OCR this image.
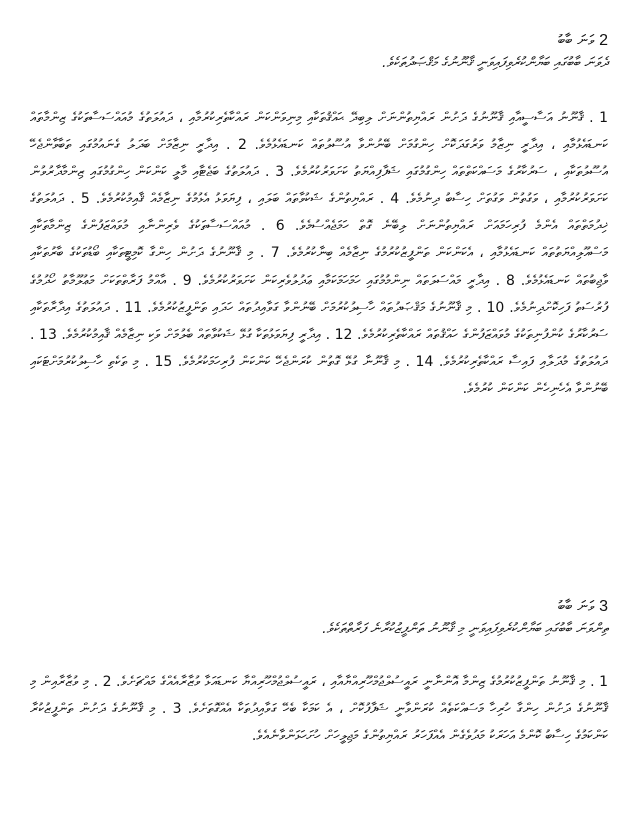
2 ވަނަ ބާބު

ދެވަނަ ބާބުގައި ބަޔާންކުރެވިފައިވަނީ ޤާނޫނުގެ މަޤްޞަދުތަކެވެ.

1 . ޤާނޫނު އަސާސީއާއި ޤާނޫނުގެ ދަށުން ރައްޔިތުންނަށް ލިބިދޭ ޙައްޤުތަކާއި މިނިވަންކަން ރައްކާތެރިކުރުމާއި ، ދައުލަތުގެ މުއައްސަސާތަކުގެ ޒިންމާތައް ކަނޑައެޅުމާއި ، އިދާރީ ނިޒާމު ވަރުގަދަކޮށް ހިންގުމަށް ބޭނުންވާ އުސޫލުތައް ކަނޑައެޅުމެވެ. 2 . އިދާރީ ނިޒާމަށް ބަދަލު ގެނައުމުގައި ތަބާވާންޖެހޭ އުސޫލުތަކާއި ، ސަރުކާރުގެ މަސައްކަތްތައް ހިންގުމުގައި ޝަފާފިއްޔަތު ކަށަވަރުކުރުމެވެ. 3 . ދައުލަތުގެ ބަޖެޓާއި މާލީ ކަންކަން ހިންގުމުގައި ޒިންމާދާރުވުން ކަށަވަރުކުރުމާއި ، ވަގުތުން ވަގުތަށް ހިސާބު ދިނުމެވެ. 4 . ރައްޔިތުންގެ ޝަކުވާތައް ބަލައި ، ފިޔަވަޅު އެޅުމުގެ ނިޒާމެއް ޤާއިމުކުރުމެވެ. 5 . ދައުލަތުގެ ޚިދުމަތްތައް އެންމެ ފުރިހަމައަށް ރައްޔިތުންނަށް ލިބޭނެ ގޮތް ހަމަޖެއްސުމެވެ. 6 . މުއައްސަސާތަކުގެ ވެރިންނާއި މުވައްޒަފުންގެ ޒިންމާތަކާއި މަސްއޫލިއްޔަތުތައް ކަނޑައެޅުމާއި ، އެކަންކަން ތަންފީޒުކުރުމުގެ ނިޒާމެއް ބިނާކުރުމެވެ. 7 . މި ޤާނޫނުގެ ދަށުން ހިންގާ ކޮމިޓީތަކާއި ބޯޑުތަކުގެ ބާރުތަކާއި ވާޖިބުތައް ކަނޑައެޅުމެވެ. 8 . އިދާރީ މައްސަލަތައް ނިންމުމުގައި ހަމަހަމަކަމާއި ޢަދުލުވެރިކަން ކަށަވަރުކުރުމެވެ. 9 . އާއްމު ފަރާތްތަކަށް މަޢުލޫމާތު ހޯދުމުގެ ފުރުސަތު ފަހިކޮށްދިނުމެވެ. 10 . މި ޤާނޫނުގެ މަޤްޞަދުތައް ހާސިލުކުރުމަށް ބޭނުންވާ ގަވާއިދުތައް ހަދައި ތަންފީޒުކުރުމެވެ. 11 . ދައުލަތުގެ އިދާރާތަކާއި ސަރުކާރުގެ ކުންފުނިތަކުގެ މުވައްޒަފުންގެ ހައްޤުތައް ރައްކާތެރިކުރުމެވެ. 12 . އިދާރީ ފިޔަވަޅުތަކާ ގުޅޭ ޝަކުވާތައް ބެލުމަށް ވަކި ނިޒާމެއް ޤާއިމުކުރުމެވެ. 13 . ދައުލަތުގެ މުދަލާއި ފައިސާ ރައްކާތެރިކުރުމެވެ. 14 . މި ޤާނޫނާ ގުޅޭ ގޮތުން ކުރަންޖެހޭ ކަންކަން ފުރިހަމަކުރުމެވެ. 15 . މި ތަކެތި ހާސިލުކުރުމަށްޓަކައި ބޭނުންވާ އެހެނިހެން ކަންކަން ކުރުމެވެ.

3 ވަނަ ބާބު

ތިންވަނަ ބާބުގައި ބަޔާންކުރެވިފައިވަނީ މި ޤާނޫނު ތަންފީޒުކުރާނެ ފަރާތްތަކެވެ.

1 . މި ޤާނޫނު ތަންފީޒުކުރުމުގެ ޒިންމާ އޮންނާނީ ރައީސުލްޖުމްހޫރިއްޔާއާއި ، ރައީސުލްޖުމްހޫރިއްޔާ ކަނޑައަޅާ ވުޒާރާއެއްގެ މައްޗަށެވެ. 2 . މި ވުޒާރާއިން މި ޤާނޫނުގެ ދަށުން ހިންގާ ހުރިހާ މަސައްކަތެއް ކުރަންވާނީ ޝަފާފުކޮށް ، އެ ކަމަކާ ބެހޭ ގަވާއިދުތަކާ އެއްގޮތަށެވެ. 3 . މި ޤާނޫނުގެ ދަށުން ތަންފީޒުކުރާ ކަންކަމުގެ ހިސާބު ކޮންމެ އަހަރަކު މަދުވެގެން އެއްފަހަރު ރައްޔިތުންގެ މަޖިލީހަށް ހުށަހަޅަންވާނެއެވެ.
